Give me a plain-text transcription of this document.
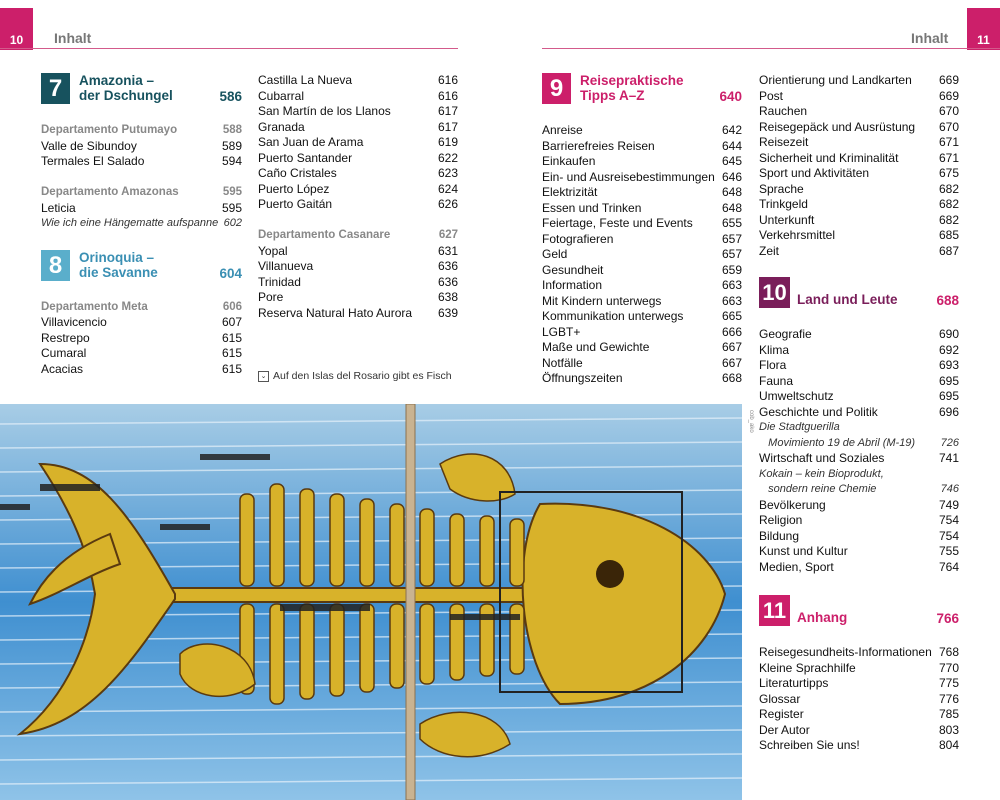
10	Inhalt	11
Inhalt
7	Amazonia –
der Dschungel	586
Departamento Putumayo	588
Valle de Sibundoy	589
Termales El Salado	594
Departamento Amazonas	595
Leticia	595
Wie ich eine Hängematte aufspanne 602
8	Orinoquia –
die Savanne	604
Departamento Meta	606
Villavicencio	607
Restrepo	615
Cumaral	615
Acacias	615
Castilla La Nueva	616
Cubarral	616
San Martín de los Llanos	617
Granada	617
San Juan de Arama	619
Puerto Santander	622
Caño Cristales	623
Puerto López	624
Puerto Gaitán	626
Departamento Casanare	627
Yopal	631
Villanueva	636
Trinidad	636
Pore	638
Reserva Natural Hato Aurora 639
⌄ Auf den Islas del Rosario gibt es Fisch
9	Reisepraktische
Tipps A–Z	640
Anreise	642
Barrierefreies Reisen	644
Einkaufen	645
Ein- und Ausreisebestimmungen 646
Elektrizität	648
Essen und Trinken	648
Feiertage, Feste und Events 655
Fotografieren	657
Geld	657
Gesundheit	659
Information	663
Mit Kindern unterwegs	663
Kommunikation unterwegs	665
LGBT+	666
Maße und Gewichte	667
Notfälle	667
Öffnungszeiten	668
Orientierung und Landkarten 669
Post	669
Rauchen	670
Reisegepäck und Ausrüstung 670
Reisezeit	671
Sicherheit und Kriminalität	671
Sport und Aktivitäten	675
Sprache	682
Trinkgeld	682
Unterkunft	682
Verkehrsmittel	685
Zeit	687
10 Land und Leute	688
Geografie	690
Klima	692
Flora	693
Fauna	695
Umweltschutz	695
Geschichte und Politik	696
Die Stadtguerilla
Movimiento 19 de Abril (M-19) 726
Wirtschaft und Soziales	741
Kokain – kein Bioprodukt,
sondern reine Chemie	746
Bevölkerung	749
Religion	754
Bildung	754
Kunst und Kultur	755
Medien, Sport	764
11 Anhang	766
Reisegesundheits-Informationen 768
Kleine Sprachhilfe	770
Literaturtipps	775
Glossar	776
Register	785
Der Autor	803
Schreiben Sie uns!	804
cob_ako
